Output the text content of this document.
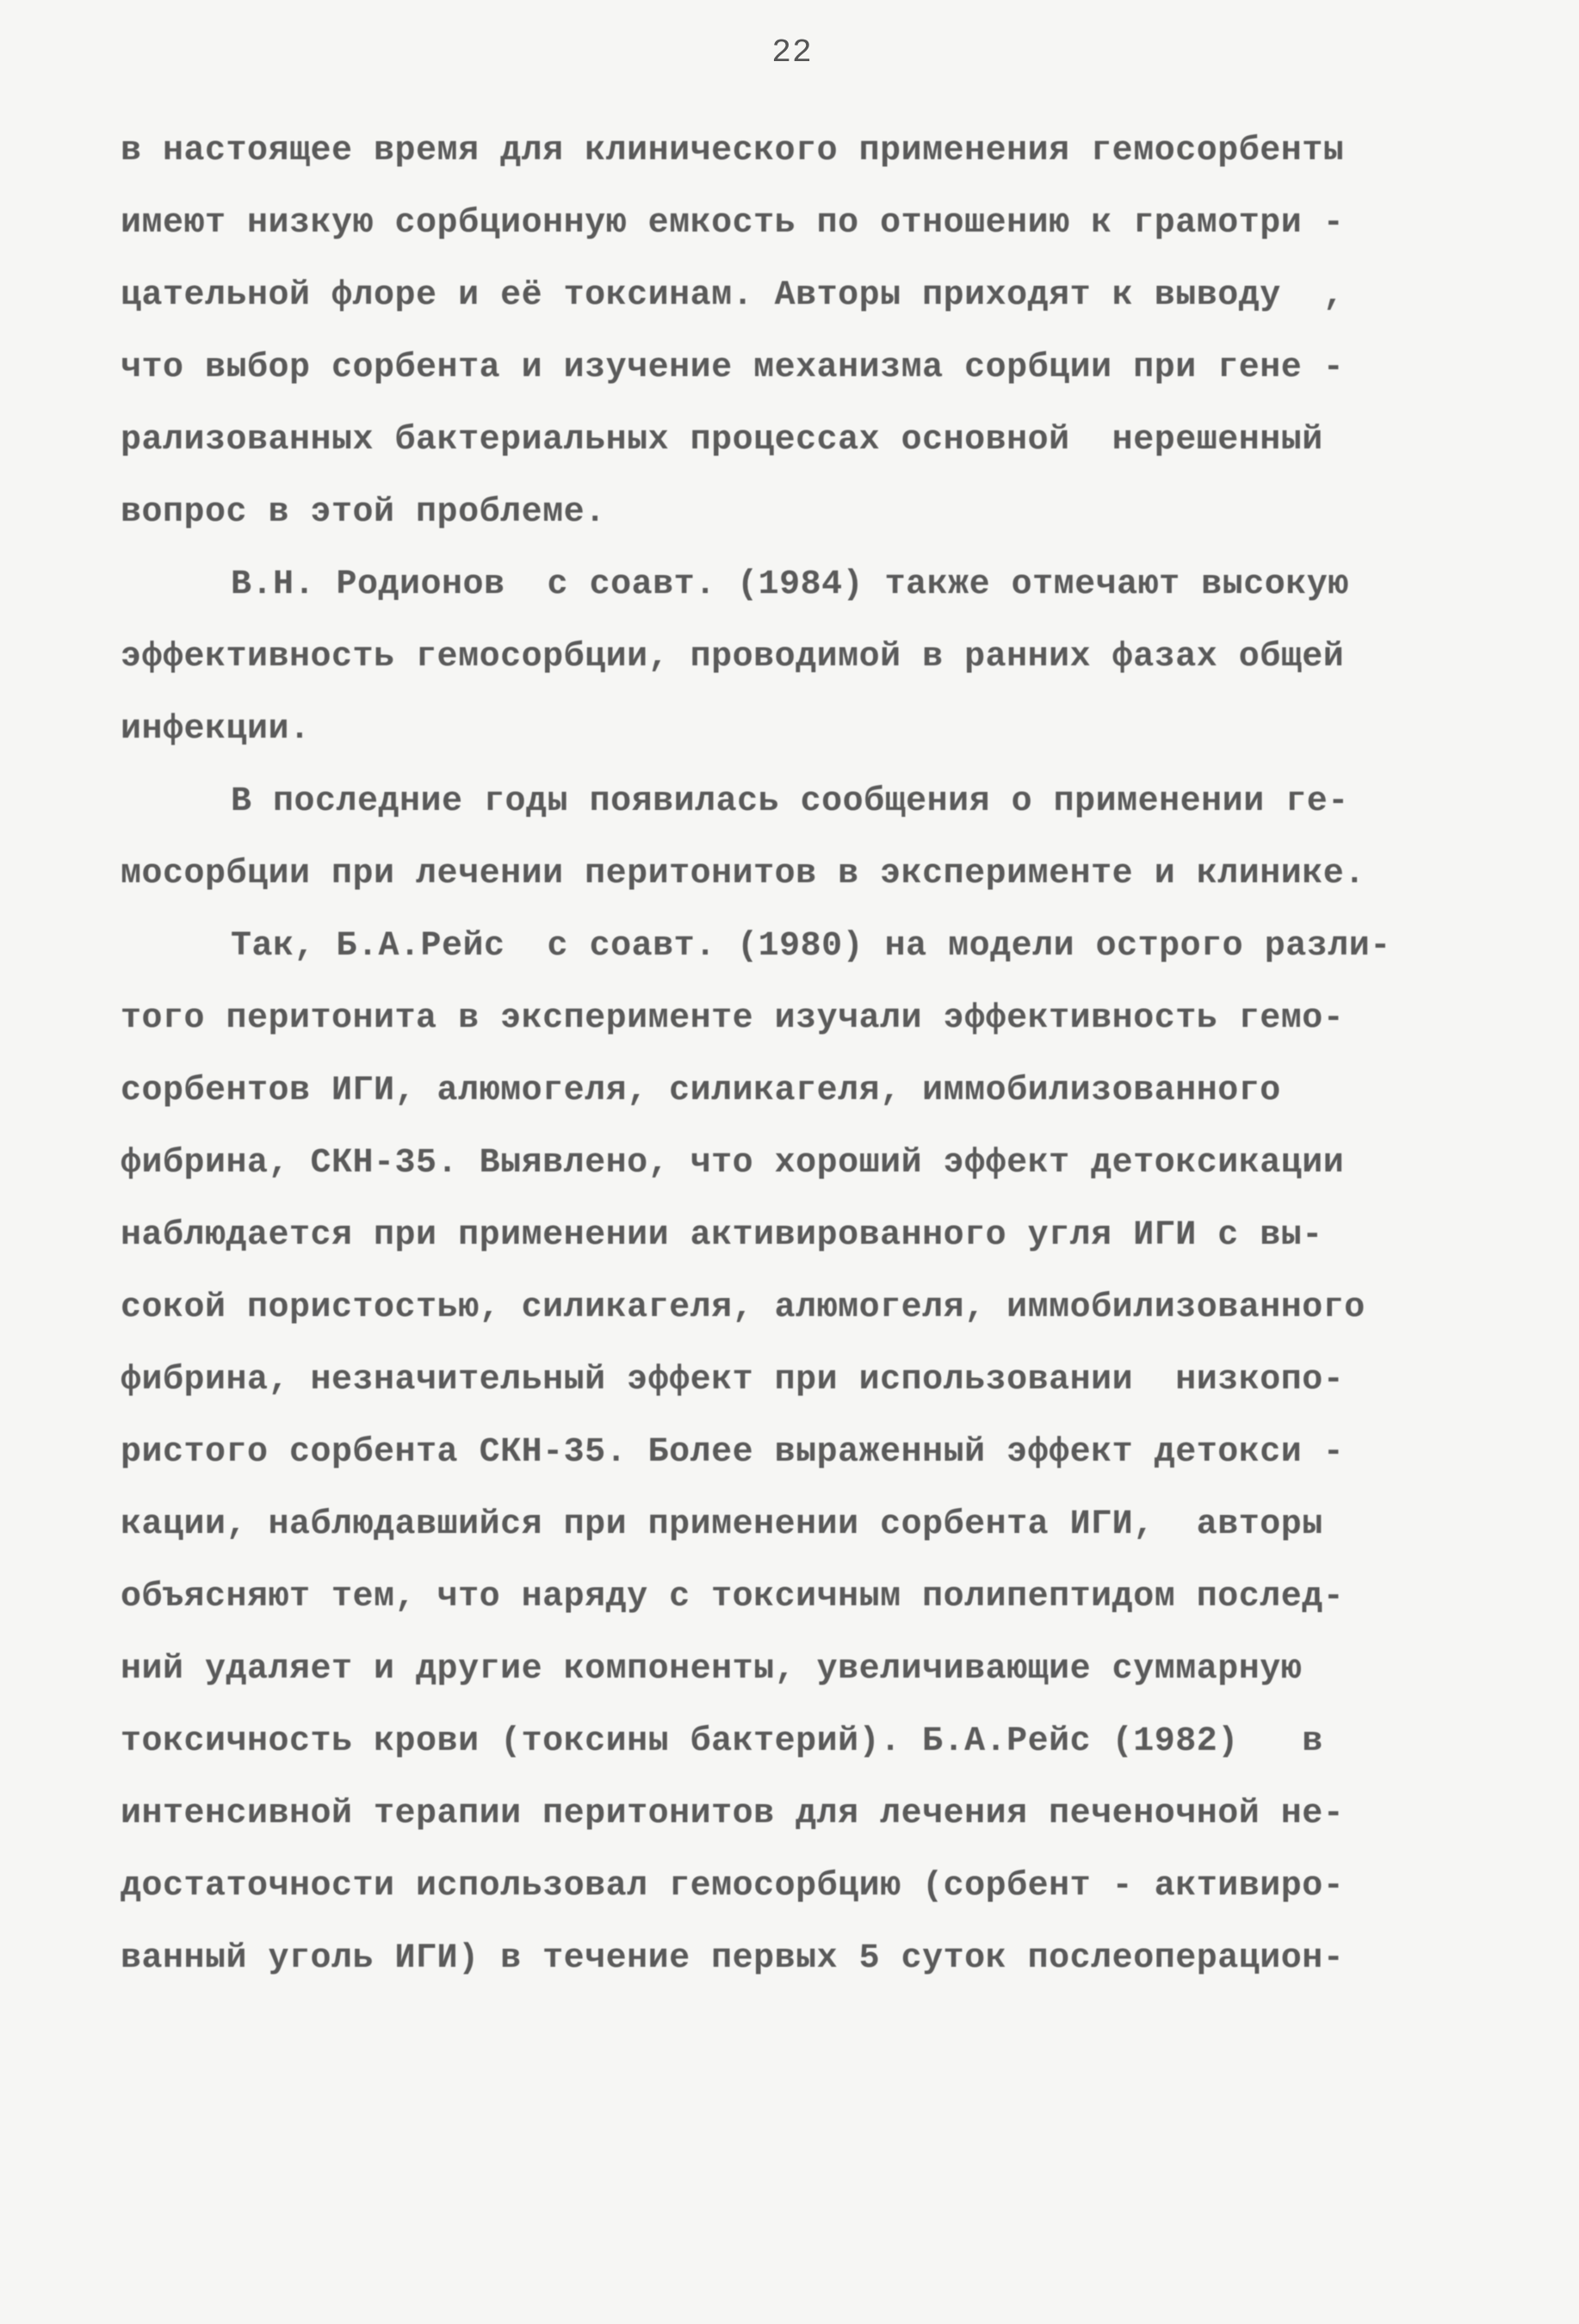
22
в настоящее время для клинического применения гемосорбенты
имеют низкую сорбционную емкость по отношению к грамотри -
цательной флоре и её токсинам. Авторы приходят к выводу  ,
что выбор сорбента и изучение механизма сорбции при гене -
рализованных бактериальных процессах основной  нерешенный
вопрос в этой проблеме.
В.Н. Родионов  с соавт. (1984) также отмечают высокую
эффективность гемосорбции, проводимой в ранних фазах общей
инфекции.
В последние годы появилась сообщения о применении ге-
мосорбции при лечении перитонитов в эксперименте и клинике.
Так, Б.А.Рейс  с соавт. (1980) на модели острого разли-
того перитонита в эксперименте изучали эффективность гемо-
сорбентов ИГИ, алюмогеля, силикагеля, иммобилизованного
фибрина, СКН-35. Выявлено, что хороший эффект детоксикации
наблюдается при применении активированного угля ИГИ с вы-
сокой пористостью, силикагеля, алюмогеля, иммобилизованного
фибрина, незначительный эффект при использовании  низкопо-
ристого сорбента СКН-35. Более выраженный эффект детокси -
кации, наблюдавшийся при применении сорбента ИГИ,  авторы
объясняют тем, что наряду с токсичным полипептидом послед-
ний удаляет и другие компоненты, увеличивающие суммарную
токсичность крови (токсины бактерий). Б.А.Рейс (1982)   в
интенсивной терапии перитонитов для лечения печеночной не-
достаточности использовал гемосорбцию (сорбент - активиро-
ванный уголь ИГИ) в течение первых 5 суток послеоперацион-
